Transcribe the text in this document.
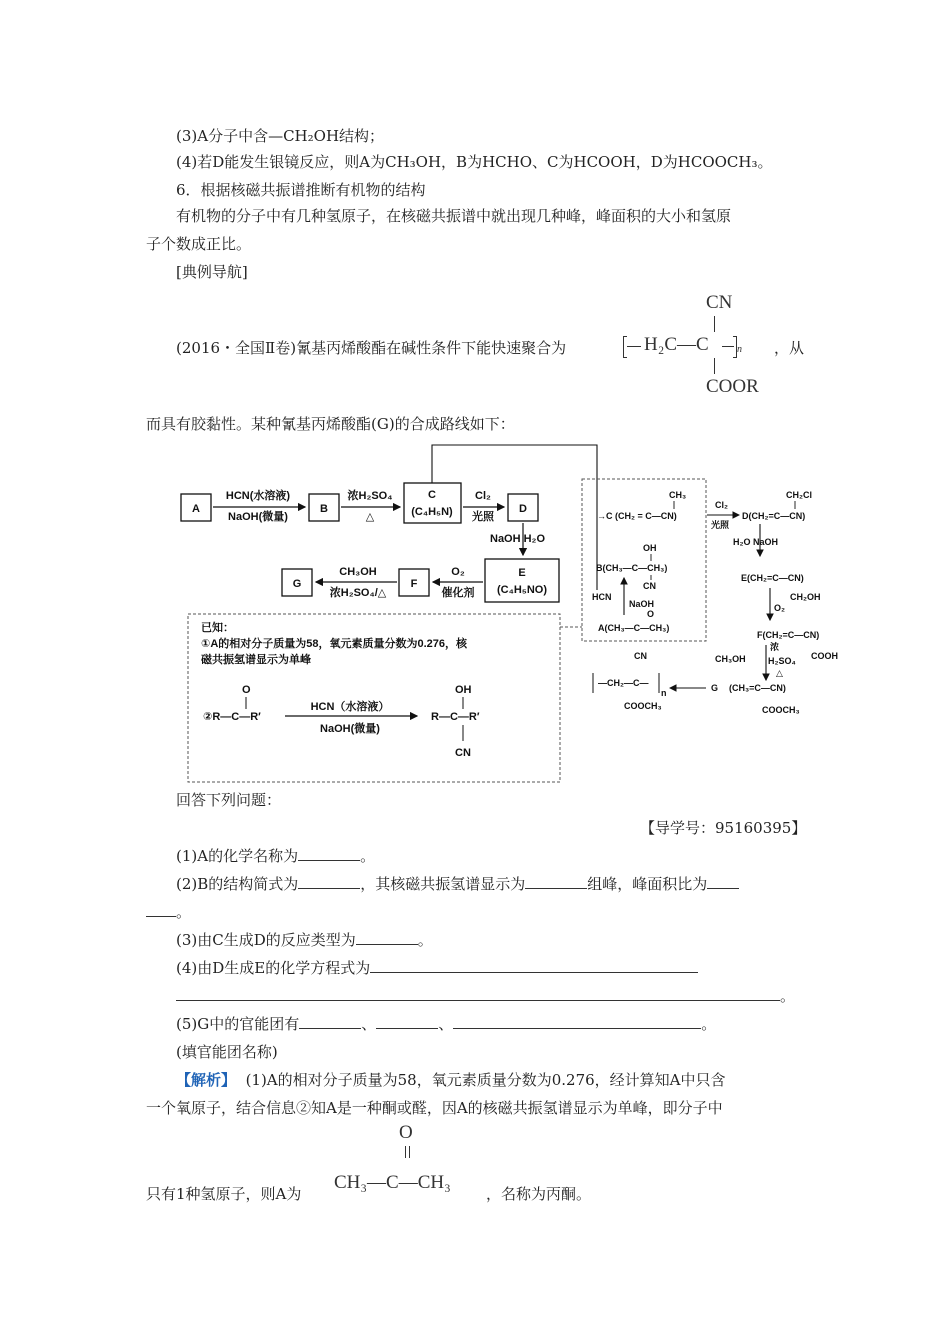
(3)A分子中含—CH₂OH结构；
(4)若D能发生银镜反应，则A为CH₃OH，B为HCHO、C为HCOOH，D为HCOOCH₃。
6．根据核磁共振谱推断有机物的结构
有机物的分子中有几种氢原子，在核磁共振谱中就出现几种峰，峰面积的大小和氢原
子个数成正比。
[典例导航]
(2016・全国Ⅱ卷)氰基丙烯酸酯在碱性条件下能快速聚合为
CN
H₂C—C	n
COOR
，从
而具有胶黏性。某种氰基丙烯酸酯(G)的合成路线如下：
A	B
C
(C₄H₅N)	D
E
(C₄H₅NO)
F
G
HCN(水溶液)
NaOH(微量)
浓H₂SO₄
△
Cl₂
光照
NaOH H₂O
O₂
催化剂
CH₃OH
浓H₂SO₄/△
已知：
①A的相对分子质量为58，氧元素质量分数为0.276，核
磁共振氢谱显示为单峰
O
②R—C—R′
HCN（水溶液）
NaOH(微量)
OH
R—C—R′
CN
CH₃
→C (CH₂ = C—CN)
Cl₂
光照
CH₂Cl
D(CH₂=C—CN)
H₂O NaOH
OH
B(CH₃—C—CH₃)
CN
HCN
NaOH
O
A(CH₃—C—CH₃)
E(CH₂=C—CN)
O₂
CH₂OH
F(CH₂=C—CN)
浓
CH₃OH H₂SO₄
△
COOH
CN
—CH₂—C—
n
COOCH₃
G (CH₃=C—CN)
COOCH₃
回答下列问题：
【导学号：95160395】
(1)A的化学名称为	。
(2)B的结构简式为	，其核磁共振氢谱显示为	组峰，峰面积比为
。
(3)由C生成D的反应类型为	。
(4)由D生成E的化学方程式为
。
(5)G中的官能团有	、	、	。
(填官能团名称)
【解析】 (1)A的相对分子质量为58，氧元素质量分数为0.276，经计算知A中只含
一个氧原子，结合信息②知A是一种酮或醛，因A的核磁共振氢谱显示为单峰，即分子中
只有1种氢原子，则A为
O
CH₃—C—CH₃
，名称为丙酮。
